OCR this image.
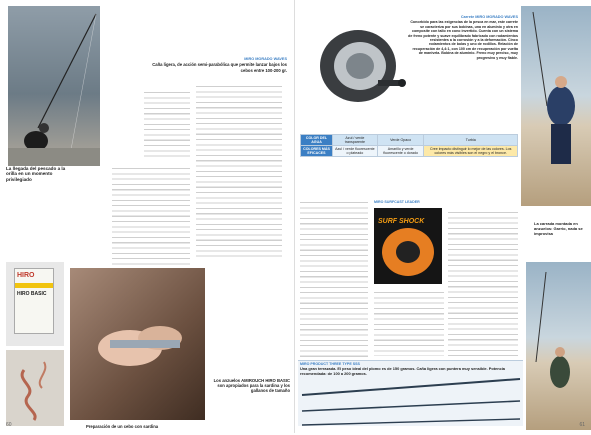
La llegada del pescado a la orilla en un momento privilegiado
MIRO MORADO WAVES
Caña ligera, de acción semi-parabólica que permite lanzar bajos los cebos entre 100-200 gr.
HIRO
HIRO BASIC
Preparación de un cebo con sardina
Los anzuelos AMIROUCH HIRO BASIC son apropiados para la sardina y los gallanos de tamaño
60
Carrete MIRO MORADO WAVES
Concebido para las exigencias de la pesca en mar, este carrete se caracteriza por sus bobinas, una en aluminio y otra en composite con tallo en cono invertido. Cuenta con un sistema de freno potente y suave equilibrado fabricado con rodamientos resistentes a la corrosión y a la deformación. Cinco rodamientos de bolas y uno de rodillos. Relación de recuperación de 4,4:1, con 100 cm de recuperación por vuelta de manivela. Bobina de aluminio. Freno muy preciso, muy progresivo y muy fiable.
COLOR DEL AGUA	Azul / verde transparente	Verde Opaco	Turbia
COLORES MÁS EFICACES	Azul / verde fluorescente o plateado	Amarillo y verde fluorescente o dorado	Cree impacto distinguir lo mejor de las colores. Los colores más visibles son el negro y el bronce.
MIRO SURFCAST LEADER
SURF SHOCK	La carrada montada en anzuelos: Garrio, nada se improvisa
MIRO PRODUCT THREE TYPE SSS
Una gran terrazada. El peso ideal del plomo es de 150 gramos. Caña ligera con puntera muy sensible. Potencia recomendada: de 100 a 200 gramos.
61
